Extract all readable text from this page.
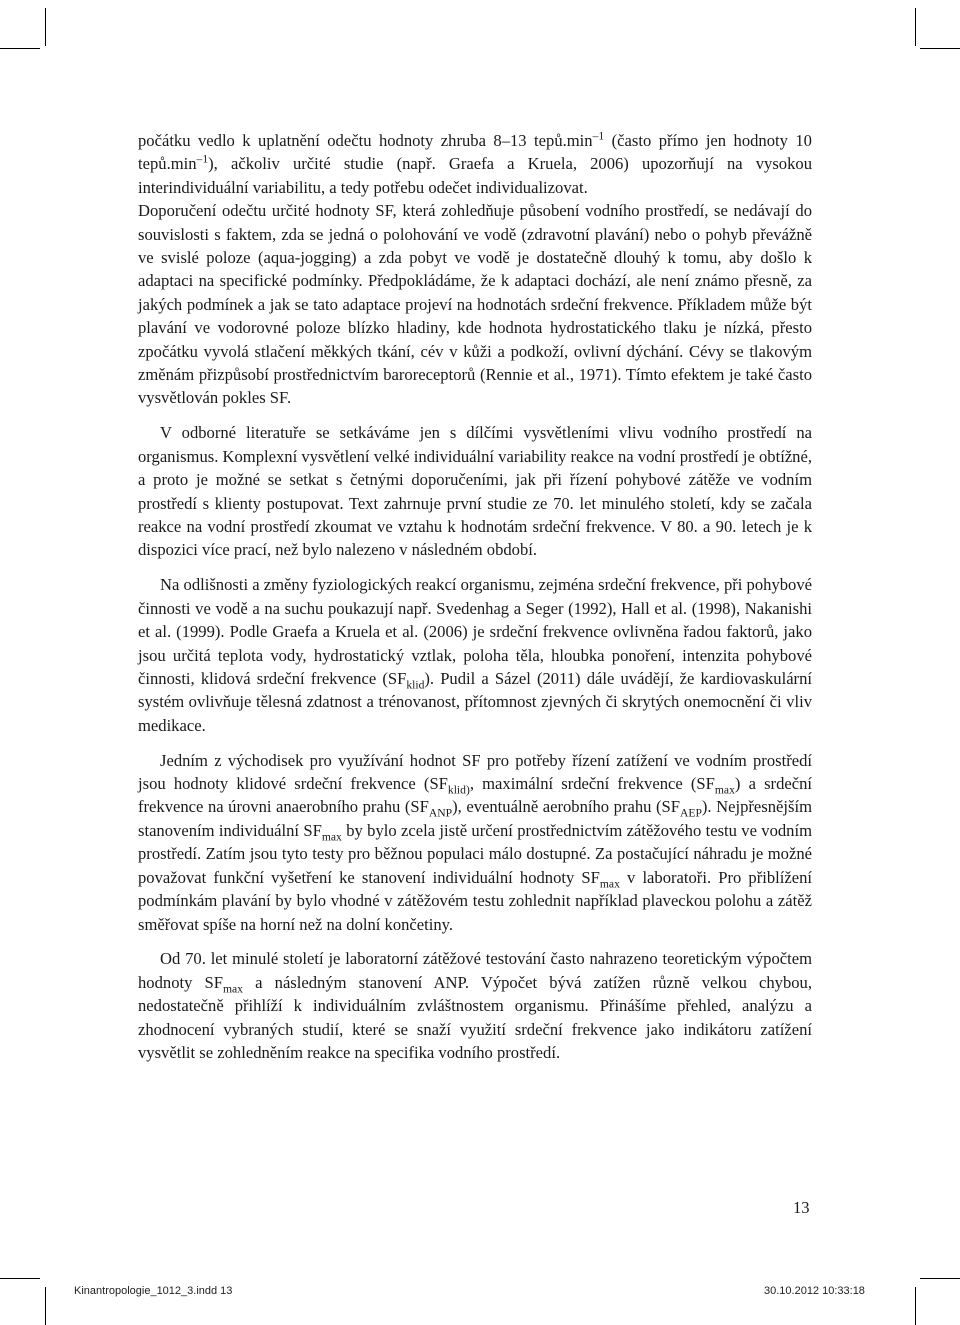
počátku vedlo k uplatnění odečtu hodnoty zhruba 8–13 $tepů.\min^{-1}$ (často přímo jen hodnoty 10 $tepů.\min^{-1}$), ačkoliv určité studie (např. Graefa a Kruela, 2006) upozorňují na vysokou interindividuální variabilitu, a tedy potřebu odečet individualizovat.

Doporučení odečtu určité hodnoty SF, která zohledňuje působení vodního prostředí, se nedávají do souvislosti s faktem, zda se jedná o polohování ve vodě (zdravotní plavání) nebo o pohyb převážně ve svislé poloze (aqua-jogging) a zda pobyt ve vodě je dostatečně dlouhý k tomu, aby došlo k adaptaci na specifické podmínky. Předpokládáme, že k adaptaci dochází, ale není známo přesně, za jakých podmínek a jak se tato adaptace projeví na hodnotách srdeční frekvence. Příkladem může být plavání ve vodorovné poloze blízko hladiny, kde hodnota hydrostatického tlaku je nízká, přesto zpočátku vyvolá stlačení měkkých tkání, cév v kůži a podkoží, ovlivní dýchání. Cévy se tlakovým změnám přizpůsobí prostřednictvím baroreceptorů (Rennie et al., 1971). Tímto efektem je také často vysvětlován pokles SF.

V odborné literatuře se setkáváme jen s dílčími vysvětleními vlivu vodního prostředí na organismus. Komplexní vysvětlení velké individuální variability reakce na vodní prostředí je obtížné, a proto je možné se setkat s četnými doporučeními, jak při řízení pohybové zátěže ve vodním prostředí s klienty postupovat. Text zahrnuje první studie ze 70. let minulého století, kdy se začala reakce na vodní prostředí zkoumat ve vztahu k hodnotám srdeční frekvence. V 80. a 90. letech je k dispozici více prací, než bylo nalezeno v následném období.

Na odlišnosti a změny fyziologických reakcí organismu, zejména srdeční frekvence, při pohybové činnosti ve vodě a na suchu poukazují např. Svedenhag a Seger (1992), Hall et al. (1998), Nakanishi et al. (1999). Podle Graefa a Kruela et al. (2006) je srdeční frekvence ovlivněna řadou faktorů, jako jsou určitá teplota vody, hydrostatický vztlak, poloha těla, hloubka ponoření, intenzita pohybové činnosti, klidová srdeční frekvence $(SF_{klid})$. Pudil a Sázel (2011) dále uvádějí, že kardiovaskulární systém ovlivňuje tělesná zdatnost a trénovanost, přítomnost zjevných či skrytých onemocnění či vliv medikace.

Jedním z východisek pro využívání hodnot SF pro potřeby řízení zatížení ve vodním prostředí jsou hodnoty klidové srdeční frekvence ($SF_{klid)}$, maximální srdeční frekvence $(SF_{max})$ a srdeční frekvence na úrovni anaerobního prahu $(SF_{ANP})$, eventuálně aerobního prahu $(SF_{AEP})$. Nejpřesnějším stanovením individuální $SF_{max}$ by bylo zcela jistě určení prostřednictvím zátěžového testu ve vodním prostředí. Zatím jsou tyto testy pro běžnou populaci málo dostupné. Za postačující náhradu je možné považovat funkční vyšetření ke stanovení individuální hodnoty $SF_{max}$ v laboratoři. Pro přiblížení podmínkám plavání by bylo vhodné v zátěžovém testu zohlednit například plaveckou polohu a zátěž směřovat spíše na horní než na dolní končetiny.

Od 70. let minulé století je laboratorní zátěžové testování často nahrazeno teoretickým výpočtem hodnoty $SF_{max}$ a následným stanovení ANP. Výpočet bývá zatížen různě velkou chybou, nedostatečně přihlíží k individuálním zvláštnostem organismu. Přinášíme přehled, analýzu a zhodnocení vybraných studií, které se snaží využití srdeční frekvence jako indikátoru zatížení vysvětlit se zohledněním reakce na specifika vodního prostředí.

13
Kinantropologie_1012_3.indd 13	30.10.2012 10:33:18
